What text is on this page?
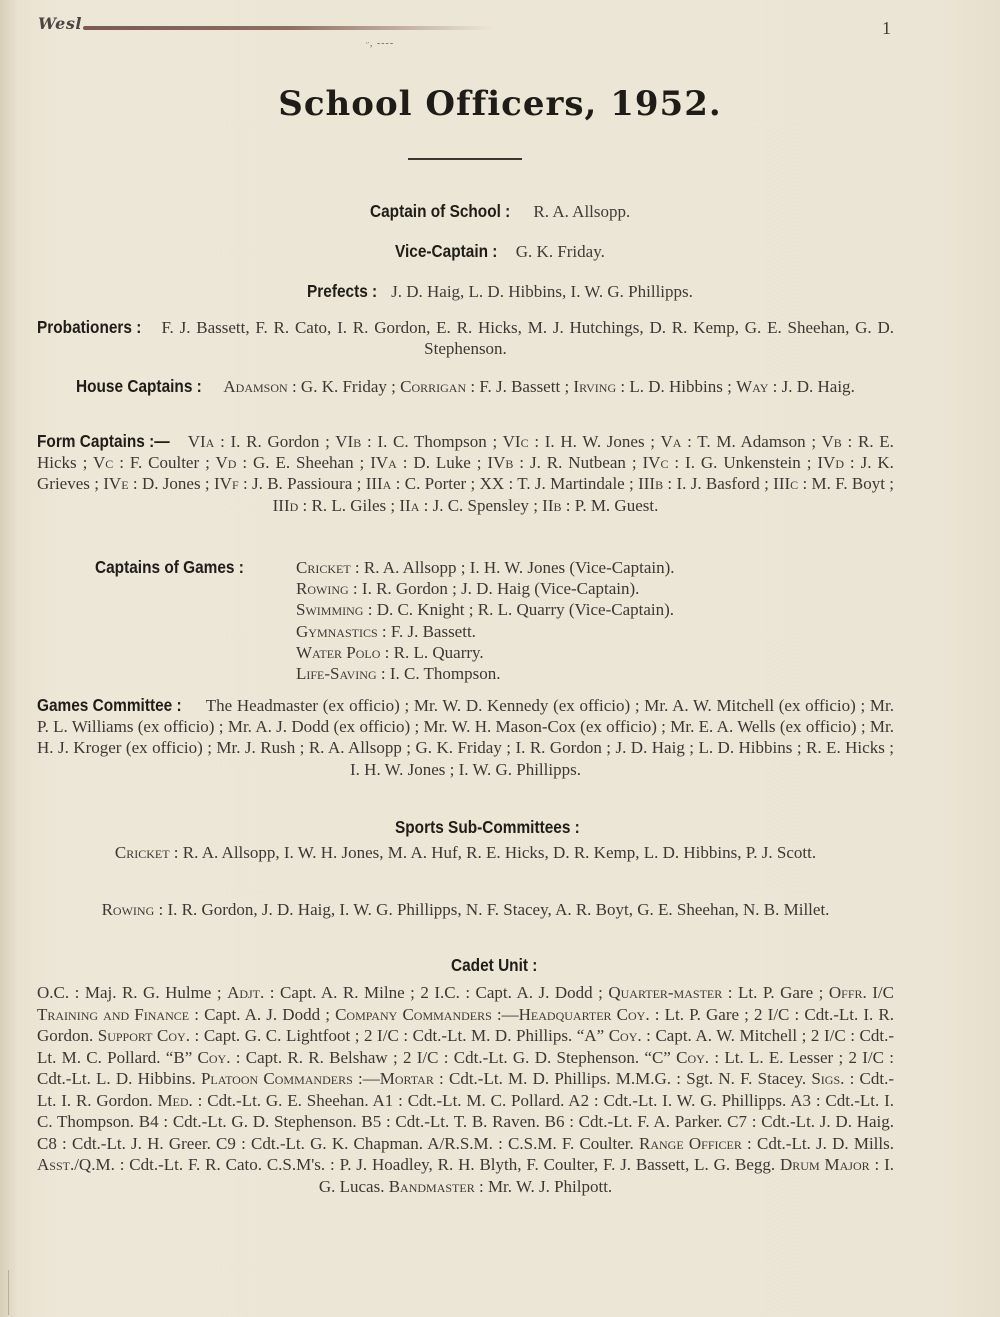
Wesl
ᵕ, ----
1
School Officers, 1952.
Captain of School : R. A. Allsopp.
Vice-Captain : G. K. Friday.
Prefects : J. D. Haig, L. D. Hibbins, I. W. G. Phillipps.
Probationers : F. J. Bassett, F. R. Cato, I. R. Gordon, E. R. Hicks, M. J. Hutchings, D. R. Kemp, G. E. Sheehan, G. D. Stephenson.
House Captains : Adamson : G. K. Friday ; Corrigan : F. J. Bassett ; Irving : L. D. Hibbins ; Way : J. D. Haig.
Form Captains :— VIa : I. R. Gordon ; VIb : I. C. Thompson ; VIc : I. H. W. Jones ; Va : T. M. Adamson ; Vb : R. E. Hicks ; Vc : F. Coulter ; Vd : G. E. Sheehan ; IVa : D. Luke ; IVb : J. R. Nutbean ; IVc : I. G. Unkenstein ; IVd : J. K. Grieves ; IVe : D. Jones ; IVf : J. B. Passioura ; IIIa : C. Porter ; XX : T. J. Martindale ; IIIb : I. J. Basford ; IIIc : M. F. Boyt ; IIId : R. L. Giles ; IIa : J. C. Spensley ; IIb : P. M. Guest.
Captains of Games :	Cricket : R. A. Allsopp ; I. H. W. Jones (Vice-Captain).
Rowing : I. R. Gordon ; J. D. Haig (Vice-Captain).
Swimming : D. C. Knight ; R. L. Quarry (Vice-Captain).
Gymnastics : F. J. Bassett.
Water Polo : R. L. Quarry.
Life-Saving : I. C. Thompson.
Games Committee : The Headmaster (ex officio) ; Mr. W. D. Kennedy (ex officio) ; Mr. A. W. Mitchell (ex officio) ; Mr. P. L. Williams (ex officio) ; Mr. A. J. Dodd (ex officio) ; Mr. W. H. Mason-Cox (ex officio) ; Mr. E. A. Wells (ex officio) ; Mr. H. J. Kroger (ex officio) ; Mr. J. Rush ; R. A. Allsopp ; G. K. Friday ; I. R. Gordon ; J. D. Haig ; L. D. Hibbins ; R. E. Hicks ; I. H. W. Jones ; I. W. G. Phillipps.
Sports Sub-Committees :
Cricket : R. A. Allsopp, I. W. H. Jones, M. A. Huf, R. E. Hicks, D. R. Kemp, L. D. Hibbins, P. J. Scott.
Rowing : I. R. Gordon, J. D. Haig, I. W. G. Phillipps, N. F. Stacey, A. R. Boyt, G. E. Sheehan, N. B. Millet.
Cadet Unit :
O.C. : Maj. R. G. Hulme ; Adjt. : Capt. A. R. Milne ; 2 I.C. : Capt. A. J. Dodd ; Quarter-master : Lt. P. Gare ; Offr. I/C Training and Finance : Capt. A. J. Dodd ; Company Commanders :—Headquarter Coy. : Lt. P. Gare ; 2 I/C : Cdt.-Lt. I. R. Gordon. Support Coy. : Capt. G. C. Lightfoot ; 2 I/C : Cdt.-Lt. M. D. Phillips. “A” Coy. : Capt. A. W. Mitchell ; 2 I/C : Cdt.-Lt. M. C. Pollard. “B” Coy. : Capt. R. R. Belshaw ; 2 I/C : Cdt.-Lt. G. D. Stephenson. “C” Coy. : Lt. L. E. Lesser ; 2 I/C : Cdt.-Lt. L. D. Hibbins. Platoon Commanders :—Mortar : Cdt.-Lt. M. D. Phillips. M.M.G. : Sgt. N. F. Stacey. Sigs. : Cdt.-Lt. I. R. Gordon. Med. : Cdt.-Lt. G. E. Sheehan. A1 : Cdt.-Lt. M. C. Pollard. A2 : Cdt.-Lt. I. W. G. Phillipps. A3 : Cdt.-Lt. I. C. Thompson. B4 : Cdt.-Lt. G. D. Stephenson. B5 : Cdt.-Lt. T. B. Raven. B6 : Cdt.-Lt. F. A. Parker. C7 : Cdt.-Lt. J. D. Haig. C8 : Cdt.-Lt. J. H. Greer. C9 : Cdt.-Lt. G. K. Chapman. A/R.S.M. : C.S.M. F. Coulter. Range Officer : Cdt.-Lt. J. D. Mills. Asst./Q.M. : Cdt.-Lt. F. R. Cato. C.S.M's. : P. J. Hoadley, R. H. Blyth, F. Coulter, F. J. Bassett, L. G. Begg. Drum Major : I. G. Lucas. Bandmaster : Mr. W. J. Philpott.
